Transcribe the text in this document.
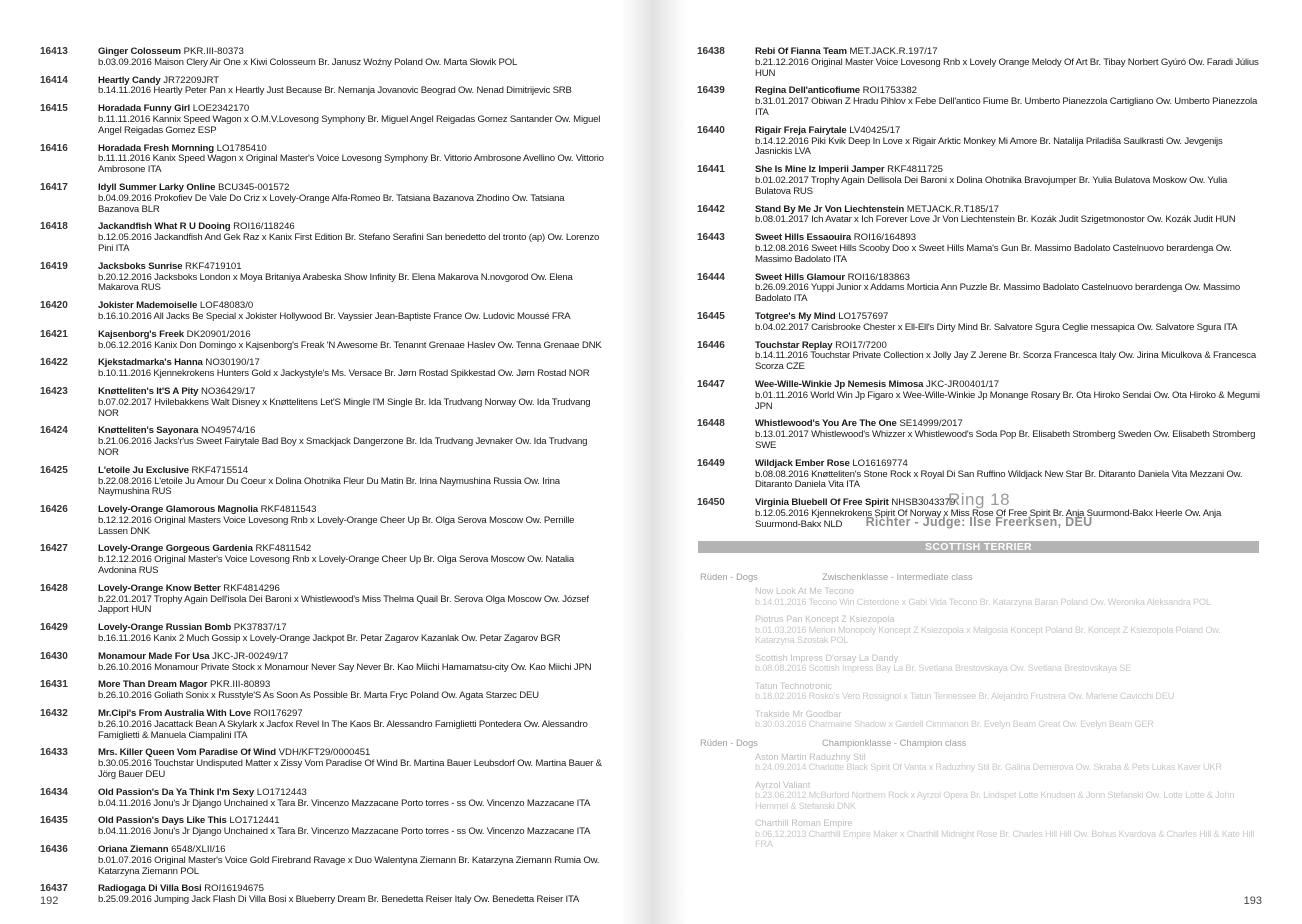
192	193
16413	Ginger Colosseum PKR.III-80373
b.03.09.2016 Maison Clery Air One x Kiwi Colosseum Br. Janusz Woźny Poland Ow. Marta Słowik POL
16414	Heartly Candy JR72209JRT
b.14.11.2016 Heartly Peter Pan x Heartly Just Because Br. Nemanja Jovanovic Beograd Ow. Nenad Dimitrijevic SRB
16415	Horadada Funny Girl LOE2342170
b.11.11.2016 Kannix Speed Wagon x O.M.V.Lovesong Symphony Br. Miguel Angel Reigadas Gomez Santander Ow. Miguel Angel Reigadas Gomez ESP
16416	Horadada Fresh Mornning LO1785410
b.11.11.2016 Kanix Speed Wagon x Original Master's Voice Lovesong Symphony Br. Vittorio Ambrosone Avellino Ow. Vittorio Ambrosone ITA
16417	Idyll Summer Larky Online BCU345-001572
b.04.09.2016 Prokofiev De Vale Do Criz x Lovely-Orange Alfa-Romeo Br. Tatsiana Bazanova Zhodino Ow. Tatsiana Bazanova BLR
16418	Jackandfish What R U Dooing ROI16/118246
b.12.05.2016 Jackandfish And Gek Raz x Kanix First Edition Br. Stefano Serafini San benedetto del tronto (ap) Ow. Lorenzo Pini ITA
16419	Jacksboks Sunrise RKF4719101
b.20.12.2016 Jacksboks London x Moya Britaniya Arabeska Show Infinity Br. Elena Makarova N.novgorod Ow. Elena Makarova RUS
16420	Jokister Mademoiselle LOF48083/0
b.16.10.2016 All Jacks Be Special x Jokister Hollywood Br. Vayssier Jean-Baptiste France Ow. Ludovic Moussé FRA
16421	Kajsenborg's Freek DK20901/2016
b.06.12.2016 Kanix Don Domingo x Kajsenborg's Freak 'N Awesome Br. Tenannt Grenaae Haslev Ow. Tenna Grenaae DNK
16422	Kjekstadmarka's Hanna NO30190/17
b.10.11.2016 Kjennekrokens Hunters Gold x Jackystyle's Ms. Versace Br. Jørn Rostad Spikkestad Ow. Jørn Rostad NOR
16423	Knøtteliten's It'S A Pity NO36429/17
b.07.02.2017 Hvilebakkens Walt Disney x Knøttelitens Let'S Mingle I'M Single Br. Ida Trudvang Norway Ow. Ida Trudvang NOR
16424	Knøtteliten's Sayonara NO49574/16
b.21.06.2016 Jacks'r'us Sweet Fairytale Bad Boy x Smackjack Dangerzone Br. Ida Trudvang Jevnaker Ow. Ida Trudvang NOR
16425	L'etoile Ju Exclusive RKF4715514
b.22.08.2016 L'etoile Ju Amour Du Coeur x Dolina Ohotnika Fleur Du Matin Br. Irina Naymushina Russia Ow. Irina Naymushina RUS
16426	Lovely-Orange Glamorous Magnolia RKF4811543
b.12.12.2016 Original Masters Voice Lovesong Rnb x Lovely-Orange Cheer Up Br. Olga Serova Moscow Ow. Pernille Lassen DNK
16427	Lovely-Orange Gorgeous Gardenia RKF4811542
b.12.12.2016 Original Master's Voice Lovesong Rnb x Lovely-Orange Cheer Up Br. Olga Serova Moscow Ow. Natalia Avdonina RUS
16428	Lovely-Orange Know Better RKF4814296
b.22.01.2017 Trophy Again Dell'isola Dei Baroni x Whistlewood's Miss Thelma Quail Br. Serova Olga Moscow Ow. József Japport HUN
16429	Lovely-Orange Russian Bomb PK37837/17
b.16.11.2016 Kanix 2 Much Gossip x Lovely-Orange Jackpot Br. Petar Zagarov Kazanlak Ow. Petar Zagarov BGR
16430	Monamour Made For Usa JKC-JR-00249/17
b.26.10.2016 Monamour Private Stock x Monamour Never Say Never Br. Kao Miichi Hamamatsu-city Ow. Kao Miichi JPN
16431	More Than Dream Magor PKR.III-80893
b.26.10.2016 Goliath Sonix x Russtyle'S As Soon As Possible Br. Marta Fryc Poland Ow. Agata Starzec DEU
16432	Mr.Cipi's From Australia With Love ROI176297
b.26.10.2016 Jacattack Bean A Skylark x Jacfox Revel In The Kaos Br. Alessandro Famiglietti Pontedera Ow. Alessandro Famiglietti & Manuela Ciampalini ITA
16433	Mrs. Killer Queen Vom Paradise Of Wind VDH/KFT29/0000451
b.30.05.2016 Touchstar Undisputed Matter x Zissy Vom Paradise Of Wind Br. Martina Bauer Leubsdorf Ow. Martina Bauer & Jörg Bauer DEU
16434	Old Passion's Da Ya Think I'm Sexy LO1712443
b.04.11.2016 Jonu's Jr Django Unchained x Tara Br. Vincenzo Mazzacane Porto torres - ss Ow. Vincenzo Mazzacane ITA
16435	Old Passion's Days Like This LO1712441
b.04.11.2016 Jonu's Jr Django Unchained x Tara Br. Vincenzo Mazzacane Porto torres - ss Ow. Vincenzo Mazzacane ITA
16436	Oriana Ziemann 6548/XLII/16
b.01.07.2016 Original Master's Voice Gold Firebrand Ravage x Duo Walentyna Ziemann Br. Katarzyna Ziemann Rumia Ow. Katarzyna Ziemann POL
16437	Radiogaga Di Villa Bosi ROI16194675
b.25.09.2016 Jumping Jack Flash Di Villa Bosi x Blueberry Dream Br. Benedetta Reiser Italy Ow. Benedetta Reiser ITA
16438	Rebi Of Fianna Team MET.JACK.R.197/17
b.21.12.2016 Original Master Voice Lovesong Rnb x Lovely Orange Melody Of Art Br. Tibay Norbert Gyúró Ow. Faradi Július HUN
16439	Regina Dell'anticofiume ROI1753382
b.31.01.2017 Obiwan Z Hradu Pihlov x Febe Dell'antico Fiume Br. Umberto Pianezzola Cartigliano Ow. Umberto Pianezzola ITA
16440	Rigair Freja Fairytale LV40425/17
b.14.12.2016 Piki Kvik Deep In Love x Rigair Arktic Monkey Mi Amore Br. Natalija Priladiša Saulkrasti Ow. Jevgenijs Jasnickis LVA
16441	She Is Mine Iz Imperii Jamper RKF4811725
b.01.02.2017 Trophy Again Dellisola Dei Baroni x Dolina Ohotnika Bravojumper Br. Yulia Bulatova Moskow Ow. Yulia Bulatova RUS
16442	Stand By Me Jr Von Liechtenstein METJACK.R.T185/17
b.08.01.2017 Ich Avatar x Ich Forever Love Jr Von Liechtenstein Br. Kozák Judit Szigetmonostor Ow. Kozák Judit HUN
16443	Sweet Hills Essaouira ROI16/164893
b.12.08.2016 Sweet Hills Scooby Doo x Sweet Hills Mama's Gun Br. Massimo Badolato Castelnuovo berardenga Ow. Massimo Badolato ITA
16444	Sweet Hills Glamour ROI16/183863
b.26.09.2016 Yuppi Junior x Addams Morticia Ann Puzzle Br. Massimo Badolato Castelnuovo berardenga Ow. Massimo Badolato ITA
16445	Totgree's My Mind LO1757697
b.04.02.2017 Carisbrooke Chester x Ell-Ell's Dirty Mind Br. Salvatore Sgura Ceglie messapica Ow. Salvatore Sgura ITA
16446	Touchstar Replay ROI17/7200
b.14.11.2016 Touchstar Private Collection x Jolly Jay Z Jerene Br. Scorza Francesca Italy Ow. Jirina Miculkova & Francesca Scorza CZE
16447	Wee-Wille-Winkie Jp Nemesis Mimosa JKC-JR00401/17
b.01.11.2016 World Win Jp Figaro x Wee-Wille-Winkie Jp Monange Rosary Br. Ota Hiroko Sendai Ow. Ota Hiroko & Megumi JPN
16448	Whistlewood's You Are The One SE14999/2017
b.13.01.2017 Whistlewood's Whizzer x Whistlewood's Soda Pop Br. Elisabeth Stromberg Sweden Ow. Elisabeth Stromberg SWE
16449	Wildjack Ember Rose LO16169774
b.08.08.2016 Knøtteliten's Stone Rock x Royal Di San Ruffino Wildjack New Star Br. Ditaranto Daniela Vita Mezzani Ow. Ditaranto Daniela Vita ITA
16450	Virginia Bluebell Of Free Spirit NHSB3043379
b.12.05.2016 Kjennekrokens Spirit Of Norway x Miss Rose Of Free Spirit Br. Anja Suurmond-Bakx Heerle Ow. Anja Suurmond-Bakx NLD
Ring 18
Richter - Judge: Ilse Freerksen, DEU
SCOTTISH TERRIER
Rüden - Dogs	Zwischenklasse - Intermediate class
Now Look At Me Tecono
b.14.01.2016 Tecono Win Cisterdone x Gabi Vida Tecono Br. Katarzyna Baran Poland Ow. Weronika Aleksandra POL
Piotrus Pan Koncept Z Ksiezopola
b.01.03.2016 Merion Monopoly Koncept Z Ksiezopola x Malgosia Koncept Poland Br. Koncept Z Ksiezopola Poland Ow. Katarzyna Szostak POL
Scottish Impress D'orsay La Dandy
b.08.08.2016 Scottish Impress Bay La Br. Svetlana Brestovskaya Ow. Svetlana Brestovskaya SE
Tatun Technotronic
b.18.02.2016 Rosko's Vero Rossignol x Tatun Tennessee Br. Alejandro Frustrera Ow. Marlene Cavicchi DEU
Trakside Mr Goodbar
b.30.03.2016 Charmaine Shadow x Gardell Cimmanon Br. Evelyn Beam Great Ow. Evelyn Beam GER
Rüden - Dogs	Championklasse - Champion class
Aston Martin Raduzhny Stil
b.24.09.2014 Charlotte Black Spirit Of Vanta x Raduzhny Stil Br. Galina Demerova Ow. Skraba & Pets Lukas Kaver UKR
Ayrzol Valiant
b.23.06.2012 McBurford Northern Rock x Ayrzol Opera Br. Lindspet Lotte Knudsen & Jonn Stefanski Ow. Lotte Lotte & John Hemmel & Stefanski DNK
Charthill Roman Empire
b.06.12.2013 Charthill Empire Maker x Charthill Midnight Rose Br. Charles Hill Hill Ow. Bohus Kvardova & Charles Hill & Kate Hill FRA
